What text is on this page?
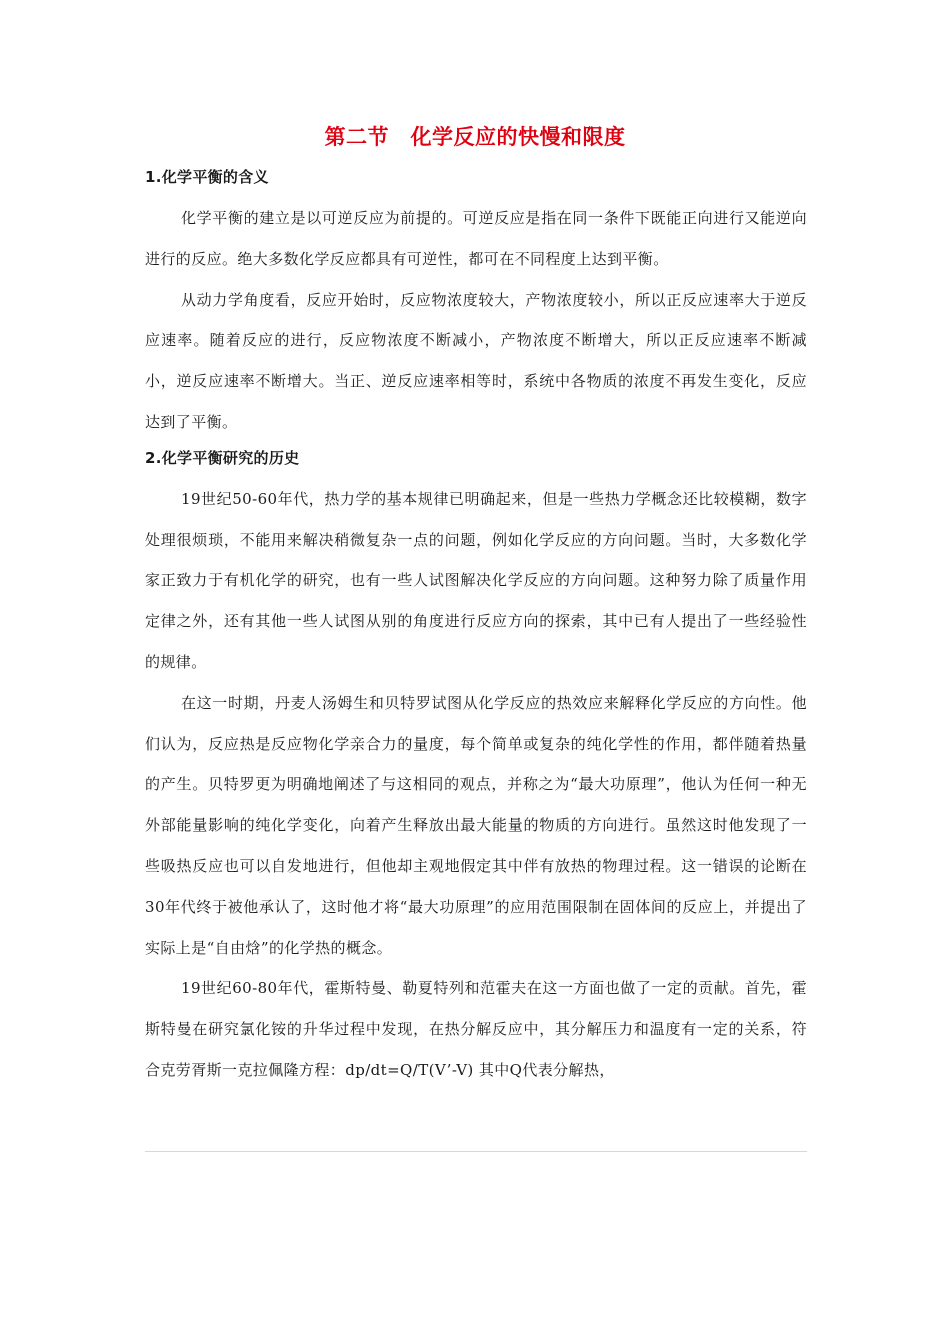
第二节　化学反应的快慢和限度
1.化学平衡的含义

化学平衡的建立是以可逆反应为前提的。可逆反应是指在同一条件下既能正向进行又能逆向进行的反应。绝大多数化学反应都具有可逆性，都可在不同程度上达到平衡。

从动力学角度看，反应开始时，反应物浓度较大，产物浓度较小，所以正反应速率大于逆反应速率。随着反应的进行，反应物浓度不断减小，产物浓度不断增大，所以正反应速率不断减小，逆反应速率不断增大。当正、逆反应速率相等时，系统中各物质的浓度不再发生变化，反应达到了平衡。

2.化学平衡研究的历史

19世纪50-60年代，热力学的基本规律已明确起来，但是一些热力学概念还比较模糊，数字处理很烦琐，不能用来解决稍微复杂一点的问题，例如化学反应的方向问题。当时，大多数化学家正致力于有机化学的研究，也有一些人试图解决化学反应的方向问题。这种努力除了质量作用定律之外，还有其他一些人试图从别的角度进行反应方向的探索，其中已有人提出了一些经验性的规律。

在这一时期，丹麦人汤姆生和贝特罗试图从化学反应的热效应来解释化学反应的方向性。他们认为，反应热是反应物化学亲合力的量度，每个简单或复杂的纯化学性的作用，都伴随着热量的产生。贝特罗更为明确地阐述了与这相同的观点，并称之为“最大功原理”，他认为任何一种无外部能量影响的纯化学变化，向着产生释放出最大能量的物质的方向进行。虽然这时他发现了一些吸热反应也可以自发地进行，但他却主观地假定其中伴有放热的物理过程。这一错误的论断在30年代终于被他承认了，这时他才将“最大功原理”的应用范围限制在固体间的反应上，并提出了实际上是“自由焓”的化学热的概念。

19世纪60-80年代，霍斯特曼、勒夏特列和范霍夫在这一方面也做了一定的贡献。首先，霍斯特曼在研究氯化铵的升华过程中发现，在热分解反应中，其分解压力和温度有一定的关系，符合克劳胥斯一克拉佩隆方程：dp/dt=Q/T(V’-V) 其中Q代表分解热，
